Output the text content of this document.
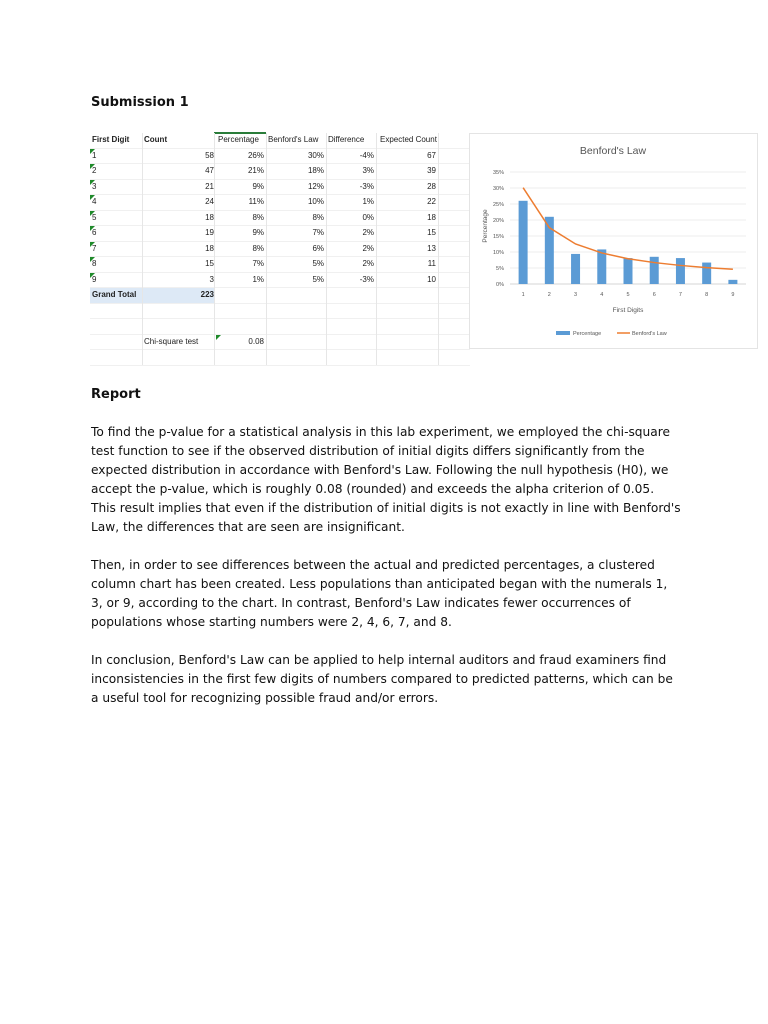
Submission 1
First Digit	Count	Percentage	Benford's Law	Difference	Expected Count
1	58	26%	30%	-4%	67
2	47	21%	18%	3%	39
3	21	9%	12%	-3%	28
4	24	11%	10%	1%	22
5	18	8%	8%	0%	18
6	19	9%	7%	2%	15
7	18	8%	6%	2%	13
8	15	7%	5%	2%	11
9	3	1%	5%	-3%	10
Grand Total	223
Chi-square test	0.08
Benford's Law
First Digits
Percentage
1	2	3	4	5	6	7	8	9
0%
5%
10%
15%
20%
25%
30%
35%
Percentage	Benford's Law
Report

To find the p-value for a statistical analysis in this lab experiment, we employed the chi-square test function to see if the observed distribution of initial digits differs significantly from the expected distribution in accordance with Benford's Law. Following the null hypothesis (H0), we accept the p-value, which is roughly 0.08 (rounded) and exceeds the alpha criterion of 0.05. This result implies that even if the distribution of initial digits is not exactly in line with Benford's Law, the differences that are seen are insignificant.

Then, in order to see differences between the actual and predicted percentages, a clustered column chart has been created. Less populations than anticipated began with the numerals 1, 3, or 9, according to the chart. In contrast, Benford's Law indicates fewer occurrences of populations whose starting numbers were 2, 4, 6, 7, and 8.

In conclusion, Benford's Law can be applied to help internal auditors and fraud examiners find inconsistencies in the first few digits of numbers compared to predicted patterns, which can be a useful tool for recognizing possible fraud and/or errors.
